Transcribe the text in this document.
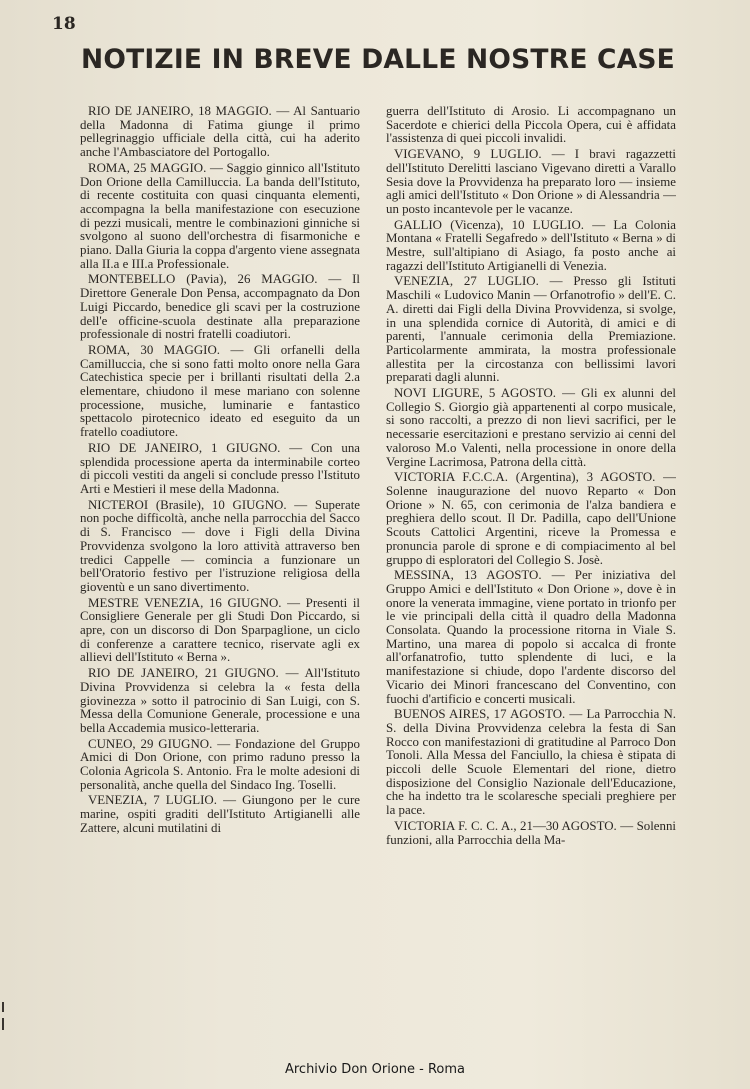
18
NOTIZIE IN BREVE DALLE NOSTRE CASE

RIO DE JANEIRO, 18 MAGGIO. — Al Santuario della Madonna di Fatima giunge il primo pellegrinaggio ufficiale della città, cui ha aderito anche l'Ambasciatore del Portogallo.

ROMA, 25 MAGGIO. — Saggio ginnico all'Istituto Don Orione della Camilluccia. La banda dell'Istituto, di recente costituita con quasi cinquanta elementi, accompagna la bella manifestazione con esecuzione di pezzi musicali, mentre le combinazioni ginniche si svolgono al suono dell'orchestra di fisarmoniche e piano. Dalla Giuria la coppa d'argento viene assegnata alla II.a e III.a Professionale.

MONTEBELLO (Pavia), 26 MAGGIO. — Il Direttore Generale Don Pensa, accompagnato da Don Luigi Piccardo, benedice gli scavi per la costruzione dell'e officine-scuola destinate alla preparazione professionale di nostri fratelli coadiutori.

ROMA, 30 MAGGIO. — Gli orfanelli della Camilluccia, che si sono fatti molto onore nella Gara Catechistica specie per i brillanti risultati della 2.a elementare, chiudono il mese mariano con solenne processione, musiche, luminarie e fantastico spettacolo pirotecnico ideato ed eseguito da un fratello coadiutore.

RIO DE JANEIRO, 1 GIUGNO. — Con una splendida processione aperta da interminabile corteo di piccoli vestiti da angeli si conclude presso l'Istituto Arti e Mestieri il mese della Madonna.

NICTEROI (Brasile), 10 GIUGNO. — Superate non poche difficoltà, anche nella parrocchia del Sacco di S. Francisco — dove i Figli della Divina Provvidenza svolgono la loro attività attraverso ben tredici Cappelle — comincia a funzionare un bell'Oratorio festivo per l'istruzione religiosa della gioventù e un sano divertimento.

MESTRE VENEZIA, 16 GIUGNO. — Presenti il Consigliere Generale per gli Studi Don Piccardo, si apre, con un discorso di Don Sparpaglione, un ciclo di conferenze a carattere tecnico, riservate agli ex allievi dell'Istituto « Berna ».

RIO DE JANEIRO, 21 GIUGNO. — All'Istituto Divina Provvidenza si celebra la « festa della giovinezza » sotto il patrocinio di San Luigi, con S. Messa della Comunione Generale, processione e una bella Accademia musico-letteraria.

CUNEO, 29 GIUGNO. — Fondazione del Gruppo Amici di Don Orione, con primo raduno presso la Colonia Agricola S. Antonio. Fra le molte adesioni di personalità, anche quella del Sindaco Ing. Toselli.

VENEZIA, 7 LUGLIO. — Giungono per le cure marine, ospiti graditi dell'Istituto Artigianelli alle Zattere, alcuni mutilatini di

guerra dell'Istituto di Arosio. Li accompagnano un Sacerdote e chierici della Piccola Opera, cui è affidata l'assistenza di quei piccoli invalidi.

VIGEVANO, 9 LUGLIO. — I bravi ragazzetti dell'Istituto Derelitti lasciano Vigevano diretti a Varallo Sesia dove la Provvidenza ha preparato loro — insieme agli amici dell'Istituto « Don Orione » di Alessandria — un posto incantevole per le vacanze.

GALLIO (Vicenza), 10 LUGLIO. — La Colonia Montana « Fratelli Segafredo » dell'Istituto « Berna » di Mestre, sull'altipiano di Asiago, fa posto anche ai ragazzi dell'Istituto Artigianelli di Venezia.

VENEZIA, 27 LUGLIO. — Presso gli Istituti Maschili « Ludovico Manin — Orfanotrofio » dell'E. C. A. diretti dai Figli della Divina Provvidenza, si svolge, in una splendida cornice di Autorità, di amici e di parenti, l'annuale cerimonia della Premiazione. Particolarmente ammirata, la mostra professionale allestita per la circostanza con bellissimi lavori preparati dagli alunni.

NOVI LIGURE, 5 AGOSTO. — Gli ex alunni del Collegio S. Giorgio già appartenenti al corpo musicale, si sono raccolti, a prezzo di non lievi sacrifici, per le necessarie esercitazioni e prestano servizio ai cenni del valoroso M.o Valenti, nella processione in onore della Vergine Lacrimosa, Patrona della città.

VICTORIA F.C.C.A. (Argentina), 3 AGOSTO. — Solenne inaugurazione del nuovo Reparto « Don Orione » N. 65, con cerimonia de l'alza bandiera e preghiera dello scout. Il Dr. Padilla, capo dell'Unione Scouts Cattolici Argentini, riceve la Promessa e pronuncia parole di sprone e di compiacimento al bel gruppo di esploratori del Collegio S. Josè.

MESSINA, 13 AGOSTO. — Per iniziativa del Gruppo Amici e dell'Istituto « Don Orione », dove è in onore la venerata immagine, viene portato in trionfo per le vie principali della città il quadro della Madonna Consolata. Quando la processione ritorna in Viale S. Martino, una marea di popolo si accalca di fronte all'orfanatrofio, tutto splendente di luci, e la manifestazione si chiude, dopo l'ardente discorso del Vicario dei Minori francescano del Conventino, con fuochi d'artificio e concerti musicali.

BUENOS AIRES, 17 AGOSTO. — La Parrocchia N. S. della Divina Provvidenza celebra la festa di San Rocco con manifestazioni di gratitudine al Parroco Don Tonoli. Alla Messa del Fanciullo, la chiesa è stipata di piccoli delle Scuole Elementari del rione, dietro disposizione del Consiglio Nazionale dell'Educazione, che ha indetto tra le scolaresche speciali preghiere per la pace.

VICTORIA F. C. C. A., 21—30 AGOSTO. — Solenni funzioni, alla Parrocchia della Ma-

Archivio Don Orione - Roma
